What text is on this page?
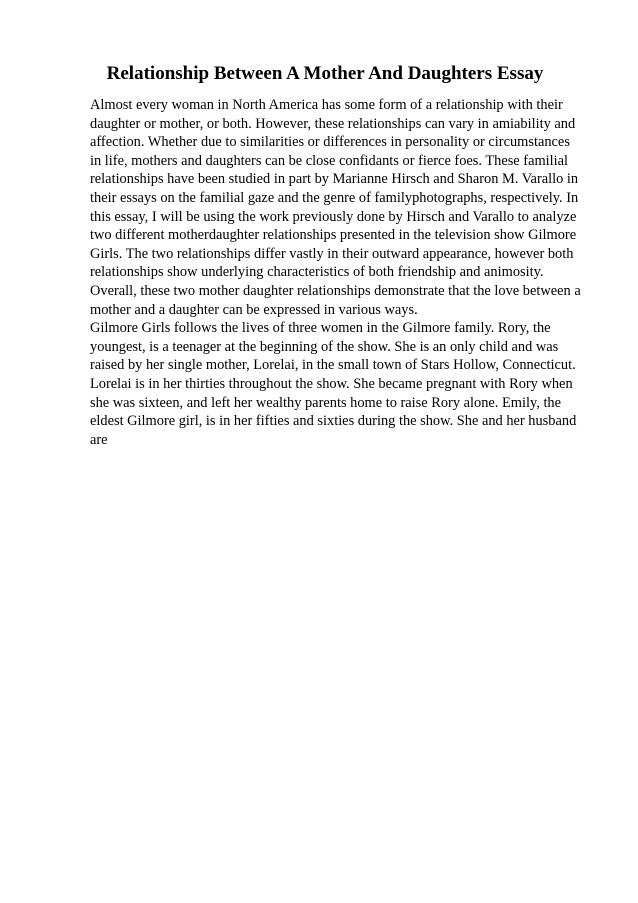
Relationship Between A Mother And Daughters Essay
Almost every woman in North America has some form of a relationship with their
daughter or mother, or both. However, these relationships can vary in amiability and
affection. Whether due to similarities or differences in personality or circumstances
in life, mothers and daughters can be close confidants or fierce foes. These familial
relationships have been studied in part by Marianne Hirsch and Sharon M. Varallo in
their essays on the familial gaze and the genre of familyphotographs, respectively. In
this essay, I will be using the work previously done by Hirsch and Varallo to analyze
two different motherdaughter relationships presented in the television show Gilmore
Girls. The two relationships differ vastly in their outward appearance, however both
relationships show underlying characteristics of both friendship and animosity.
Overall, these two mother daughter relationships demonstrate that the love between a
mother and a daughter can be expressed in various ways.
Gilmore Girls follows the lives of three women in the Gilmore family. Rory, the
youngest, is a teenager at the beginning of the show. She is an only child and was
raised by her single mother, Lorelai, in the small town of Stars Hollow, Connecticut.
Lorelai is in her thirties throughout the show. She became pregnant with Rory when
she was sixteen, and left her wealthy parents home to raise Rory alone. Emily, the
eldest Gilmore girl, is in her fifties and sixties during the show. She and her husband
are
